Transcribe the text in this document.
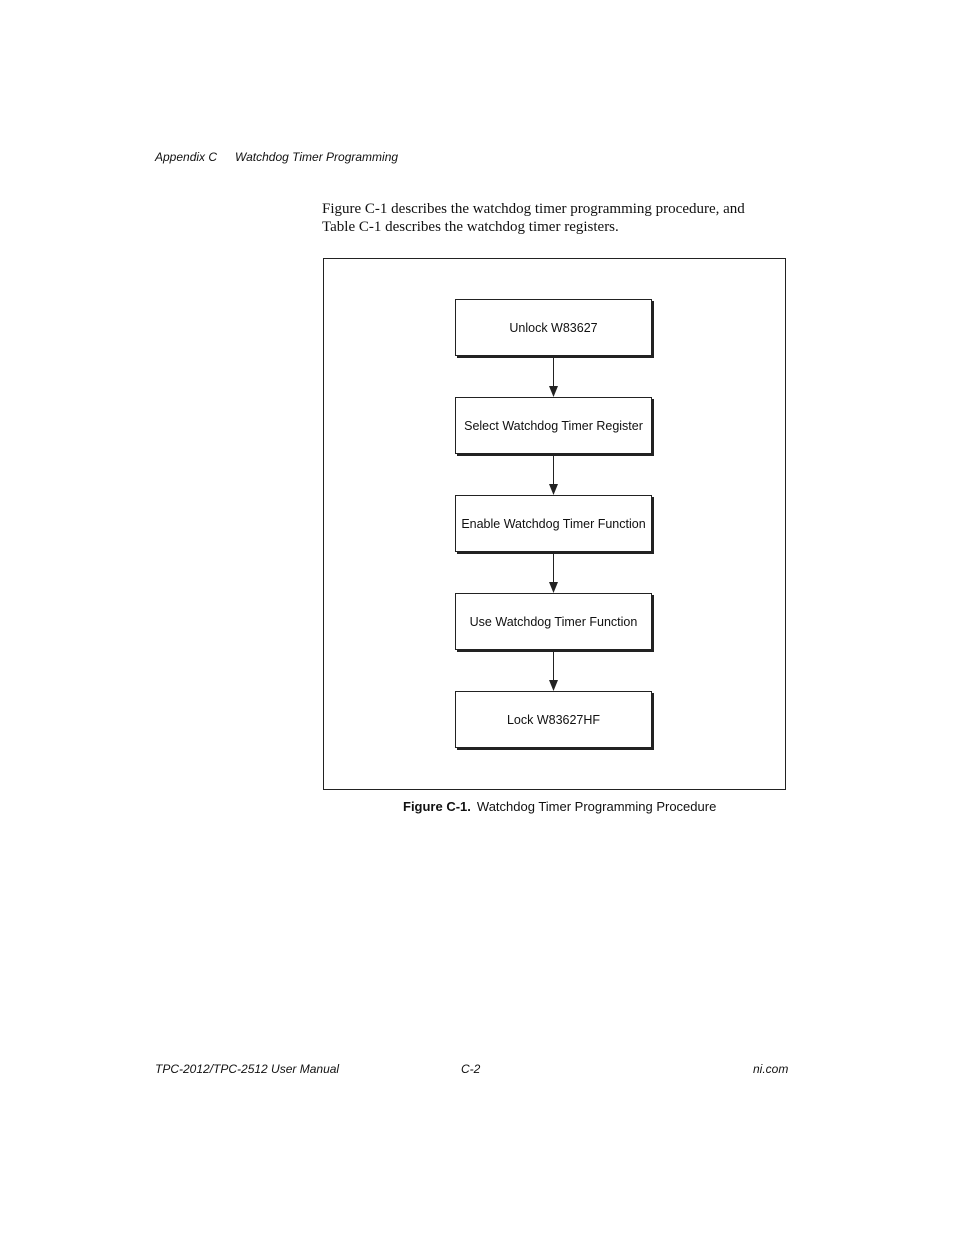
Appendix C Watchdog Timer Programming

Figure C-1 describes the watchdog timer programming procedure, and

Table C-1 describes the watchdog timer registers.

Unlock W83627
Select Watchdog Timer Register
Enable Watchdog Timer Function
Use Watchdog Timer Function
Lock W83627HF
Figure C-1. Watchdog Timer Programming Procedure
TPC-2012/TPC-2512 User Manual	C-2	ni.com
